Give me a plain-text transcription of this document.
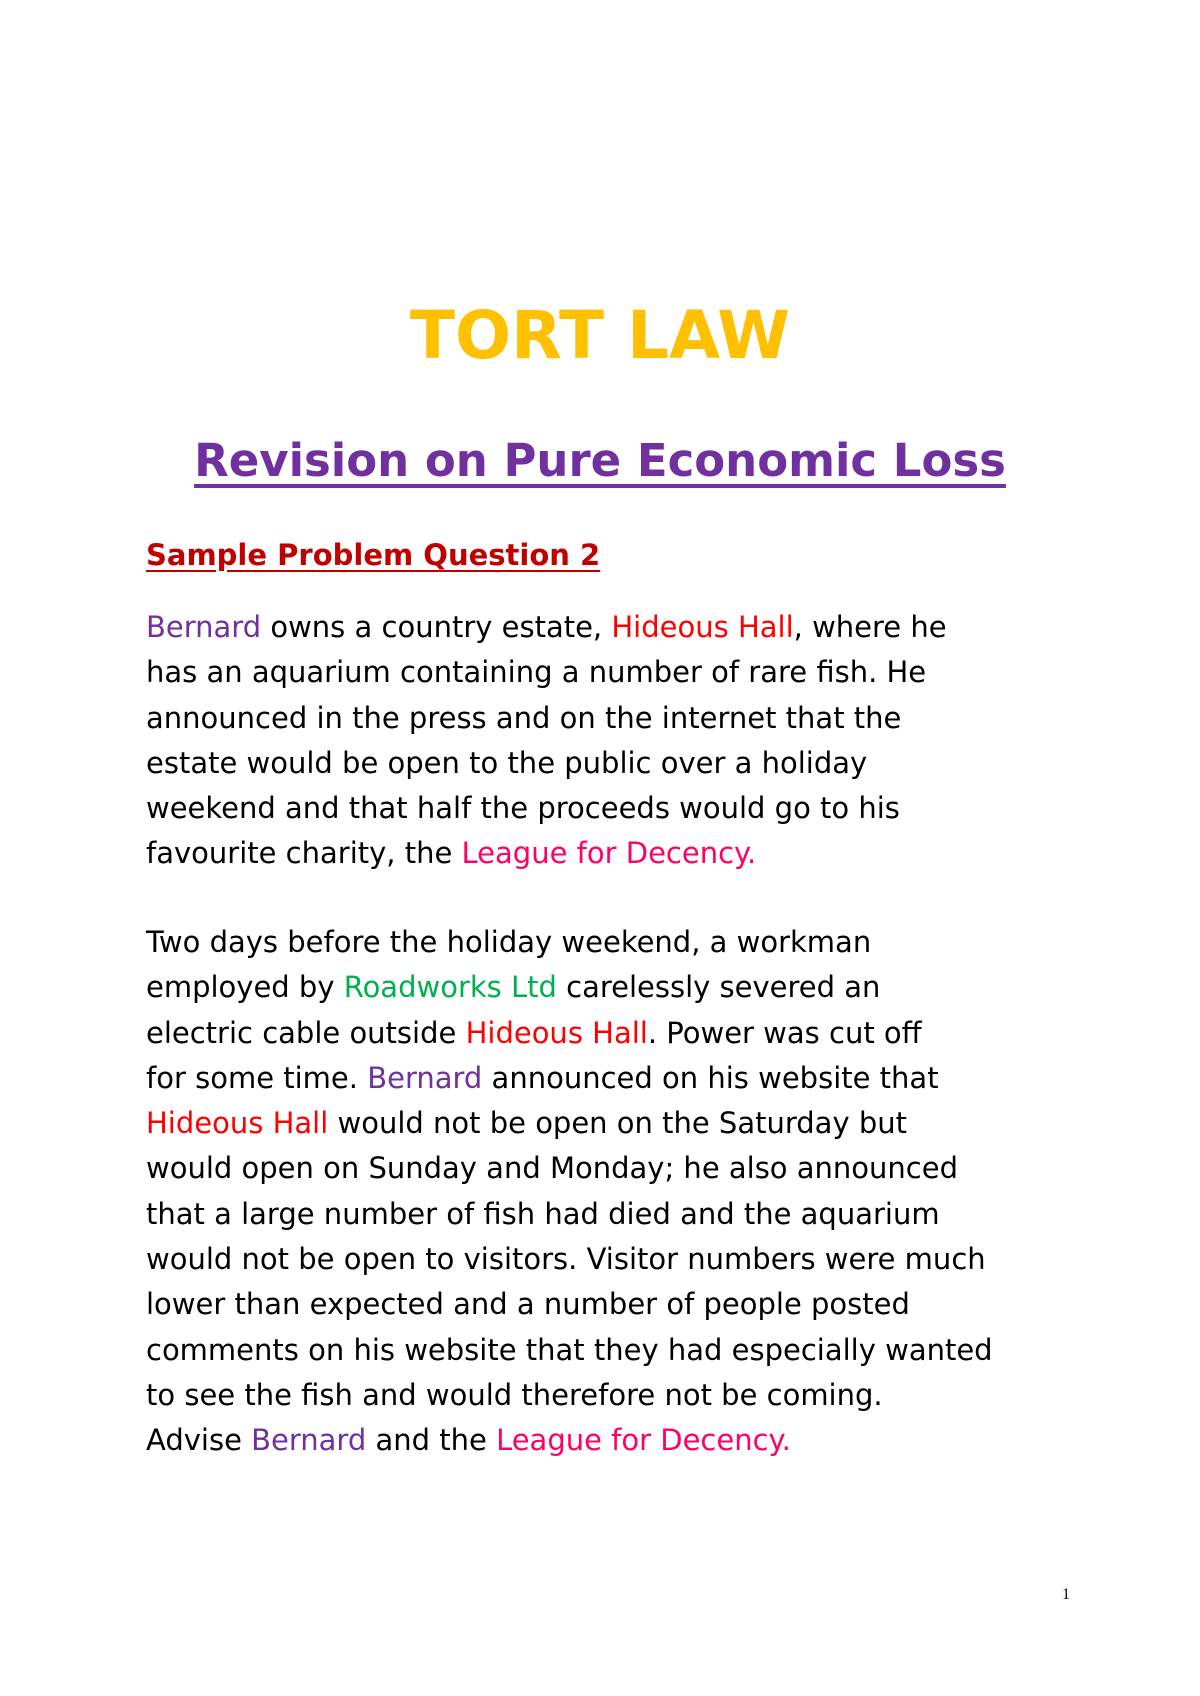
TORT LAW
Revision on Pure Economic Loss
Sample Problem Question 2

Bernard owns a country estate, Hideous Hall, where he
has an aquarium containing a number of rare fish. He
announced in the press and on the internet that the
estate would be open to the public over a holiday
weekend and that half the proceeds would go to his
favourite charity, the League for Decency.

Two days before the holiday weekend, a workman
employed by Roadworks Ltd carelessly severed an
electric cable outside Hideous Hall. Power was cut off
for some time. Bernard announced on his website that
Hideous Hall would not be open on the Saturday but
would open on Sunday and Monday; he also announced
that a large number of fish had died and the aquarium
would not be open to visitors. Visitor numbers were much
lower than expected and a number of people posted
comments on his website that they had especially wanted
to see the fish and would therefore not be coming.
Advise Bernard and the League for Decency.

1
